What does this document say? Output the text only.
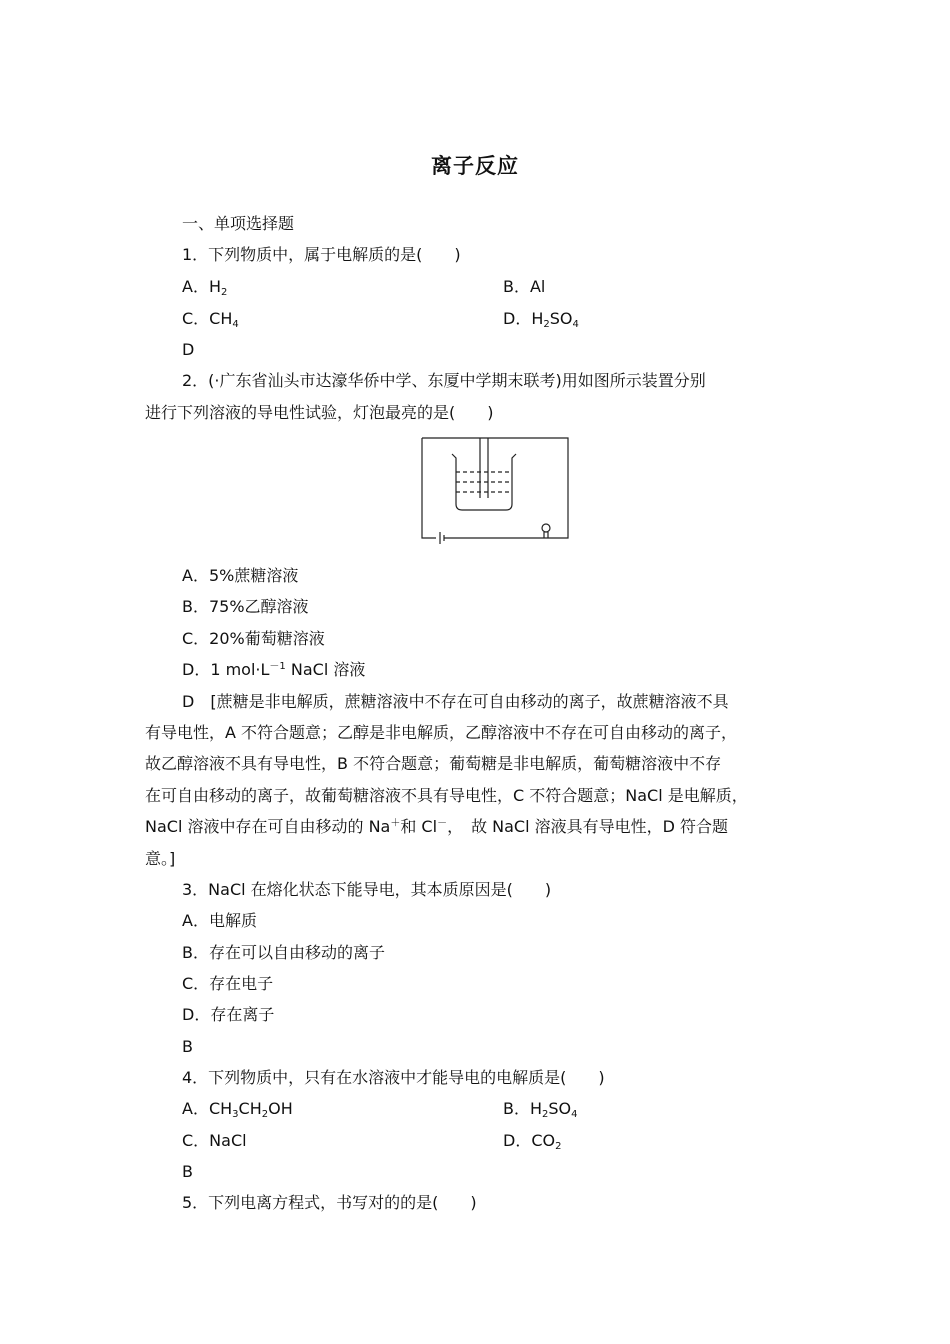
离子反应
一、单项选择题
1．下列物质中，属于电解质的是(　　)
A．$H_2$	B．Al
C．$CH_4$	D．$H_2SO_4$
D
2．(·广东省汕头市达濠华侨中学、东厦中学期末联考)用如图所示装置分别
进行下列溶液的导电性试验，灯泡最亮的是(　　)
A．5%蔗糖溶液
B．75%乙醇溶液
C．20%葡萄糖溶液
D．1 $mol\cdot L^{-1}$ NaCl 溶液
D　[蔗糖是非电解质，蔗糖溶液中不存在可自由移动的离子，故蔗糖溶液不具
有导电性，A 不符合题意；乙醇是非电解质，乙醇溶液中不存在可自由移动的离子，
故乙醇溶液不具有导电性，B 不符合题意；葡萄糖是非电解质，葡萄糖溶液中不存
在可自由移动的离子，故葡萄糖溶液不具有导电性，C 不符合题意；NaCl 是电解质，
NaCl 溶液中存在可自由移动的 Na＋和 Cl－，　故 NaCl 溶液具有导电性，D 符合题
意。]
3．NaCl 在熔化状态下能导电，其本质原因是(　　)
A．电解质
B．存在可以自由移动的离子
C．存在电子
D．存在离子
B
4．下列物质中，只有在水溶液中才能导电的电解质是(　　)
A．$CH_3CH_2OH$	B．$H_2SO_4$
C．NaCl	D．$CO_2$
B
5．下列电离方程式，书写对的的是(　　)
